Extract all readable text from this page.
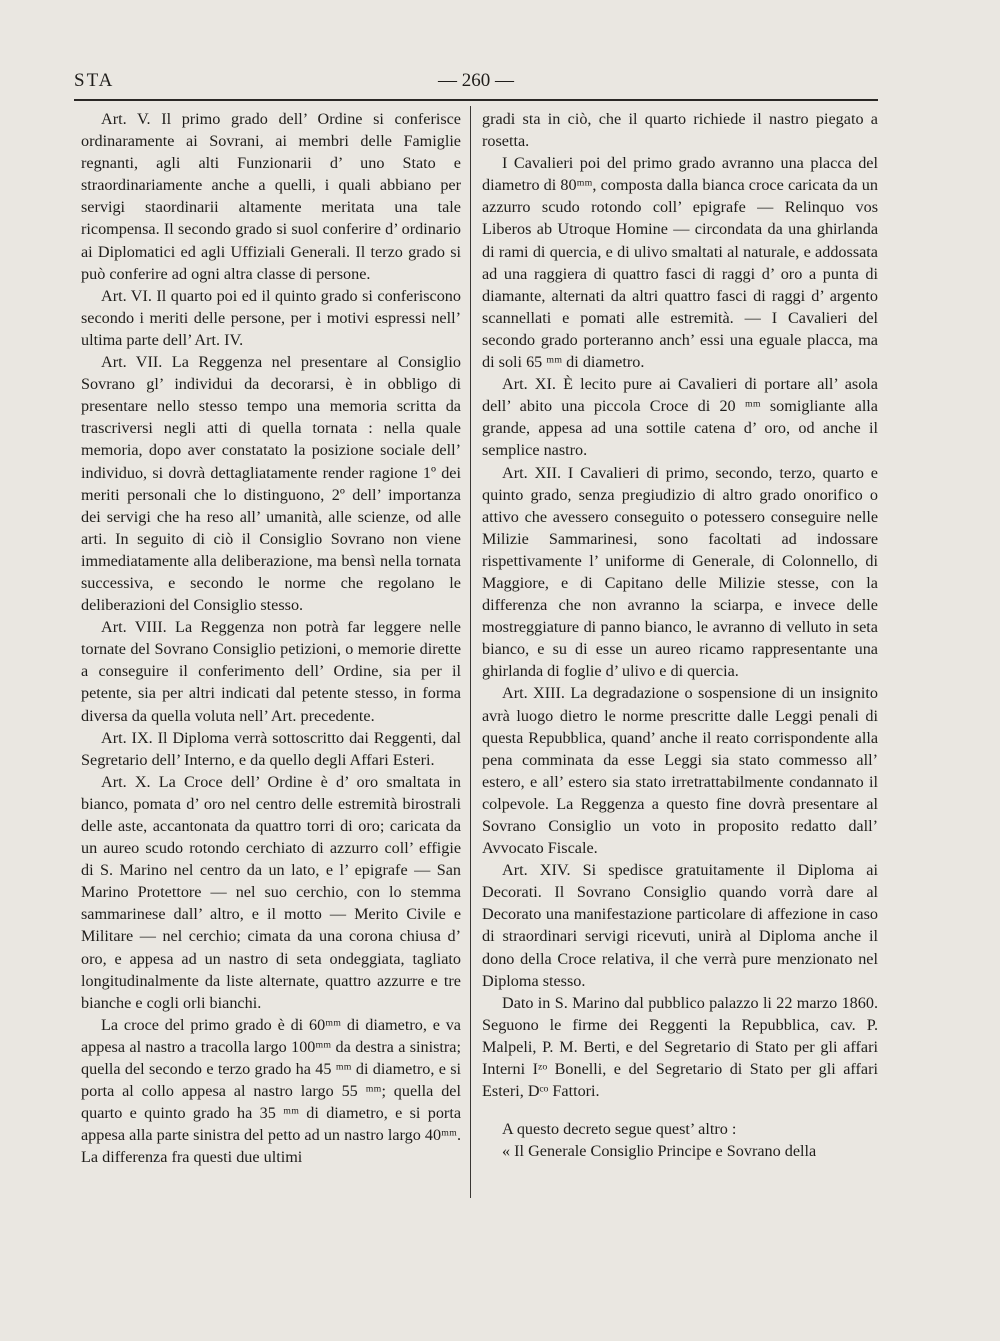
STA	— 260 —

Art. V. Il primo grado dell’ Ordine si conferisce ordinaramente ai Sovrani, ai membri delle Famiglie regnanti, agli alti Funzionarii d’ uno Stato e straordinariamente anche a quelli, i quali abbiano per servigi staordinarii altamente meritata una tale ricompensa. Il secondo grado si suol conferire d’ ordinario ai Diplomatici ed agli Uffiziali Generali. Il terzo grado si può conferire ad ogni altra classe di persone.

Art. VI. Il quarto poi ed il quinto grado si conferiscono secondo i meriti delle persone, per i motivi espressi nell’ ultima parte dell’ Art. IV.

Art. VII. La Reggenza nel presentare al Consiglio Sovrano gl’ individui da decorarsi, è in obbligo di presentare nello stesso tempo una memoria scritta da trascriversi negli atti di quella tornata : nella quale memoria, dopo aver constatato la posizione sociale dell’ individuo, si dovrà dettagliatamente render ragione 1º dei meriti personali che lo distinguono, 2º dell’ importanza dei servigi che ha reso all’ umanità, alle scienze, od alle arti. In seguito di ciò il Consiglio Sovrano non viene immediatamente alla deliberazione, ma bensì nella tornata successiva, e secondo le norme che regolano le deliberazioni del Consiglio stesso.

Art. VIII. La Reggenza non potrà far leggere nelle tornate del Sovrano Consiglio petizioni, o memorie dirette a conseguire il conferimento dell’ Ordine, sia per il petente, sia per altri indicati dal petente stesso, in forma diversa da quella voluta nell’ Art. precedente.

Art. IX. Il Diploma verrà sottoscritto dai Reggenti, dal Segretario dell’ Interno, e da quello degli Affari Esteri.

Art. X. La Croce dell’ Ordine è d’ oro smaltata in bianco, pomata d’ oro nel centro delle estremità birostrali delle aste, accantonata da quattro torri di oro; caricata da un aureo scudo rotondo cerchiato di azzurro coll’ effigie di S. Marino nel centro da un lato, e l’ epigrafe — San Marino Protettore — nel suo cerchio, con lo stemma sammarinese dall’ altro, e il motto — Merito Civile e Militare — nel cerchio; cimata da una corona chiusa d’ oro, e appesa ad un nastro di seta ondeggiata, tagliato longitudinalmente da liste alternate, quattro azzurre e tre bianche e cogli orli bianchi.

La croce del primo grado è di 60ᵐᵐ di diametro, e va appesa al nastro a tracolla largo 100ᵐᵐ da destra a sinistra; quella del secondo e terzo grado ha 45 ᵐᵐ di diametro, e si porta al collo appesa al nastro largo 55 ᵐᵐ; quella del quarto e quinto grado ha 35 ᵐᵐ di diametro, e si porta appesa alla parte sinistra del petto ad un nastro largo 40ᵐᵐ. La differenza fra questi due ultimi

gradi sta in ciò, che il quarto richiede il nastro piegato a rosetta.

I Cavalieri poi del primo grado avranno una placca del diametro di 80ᵐᵐ, composta dalla bianca croce caricata da un azzurro scudo rotondo coll’ epigrafe — Relinquo vos Liberos ab Utroque Homine — circondata da una ghirlanda di rami di quercia, e di ulivo smaltati al naturale, e addossata ad una raggiera di quattro fasci di raggi d’ oro a punta di diamante, alternati da altri quattro fasci di raggi d’ argento scannellati e pomati alle estremità. — I Cavalieri del secondo grado porteranno anch’ essi una eguale placca, ma di soli 65 ᵐᵐ di diametro.

Art. XI. È lecito pure ai Cavalieri di portare all’ asola dell’ abito una piccola Croce di 20 ᵐᵐ somigliante alla grande, appesa ad una sottile catena d’ oro, od anche il semplice nastro.

Art. XII. I Cavalieri di primo, secondo, terzo, quarto e quinto grado, senza pregiudizio di altro grado onorifico o attivo che avessero conseguito o potessero conseguire nelle Milizie Sammarinesi, sono facoltati ad indossare rispettivamente l’ uniforme di Generale, di Colonnello, di Maggiore, e di Capitano delle Milizie stesse, con la differenza che non avranno la sciarpa, e invece delle mostreggiature di panno bianco, le avranno di velluto in seta bianco, e su di esse un aureo ricamo rappresentante una ghirlanda di foglie d’ ulivo e di quercia.

Art. XIII. La degradazione o sospensione di un insignito avrà luogo dietro le norme prescritte dalle Leggi penali di questa Repubblica, quand’ anche il reato corrispondente alla pena comminata da esse Leggi sia stato commesso all’ estero, e all’ estero sia stato irretrattabilmente condannato il colpevole. La Reggenza a questo fine dovrà presentare al Sovrano Consiglio un voto in proposito redatto dall’ Avvocato Fiscale.

Art. XIV. Si spedisce gratuitamente il Diploma ai Decorati. Il Sovrano Consiglio quando vorrà dare al Decorato una manifestazione particolare di affezione in caso di straordinari servigi ricevuti, unirà al Diploma anche il dono della Croce relativa, il che verrà pure menzionato nel Diploma stesso.

Dato in S. Marino dal pubblico palazzo li 22 marzo 1860. Seguono le firme dei Reggenti la Repubblica, cav. P. Malpeli, P. M. Berti, e del Segretario di Stato per gli affari Interni Iᶻᵒ Bonelli, e del Segretario di Stato per gli affari Esteri, Dᶜᵒ Fattori.

A questo decreto segue quest’ altro :

« Il Generale Consiglio Principe e Sovrano della
